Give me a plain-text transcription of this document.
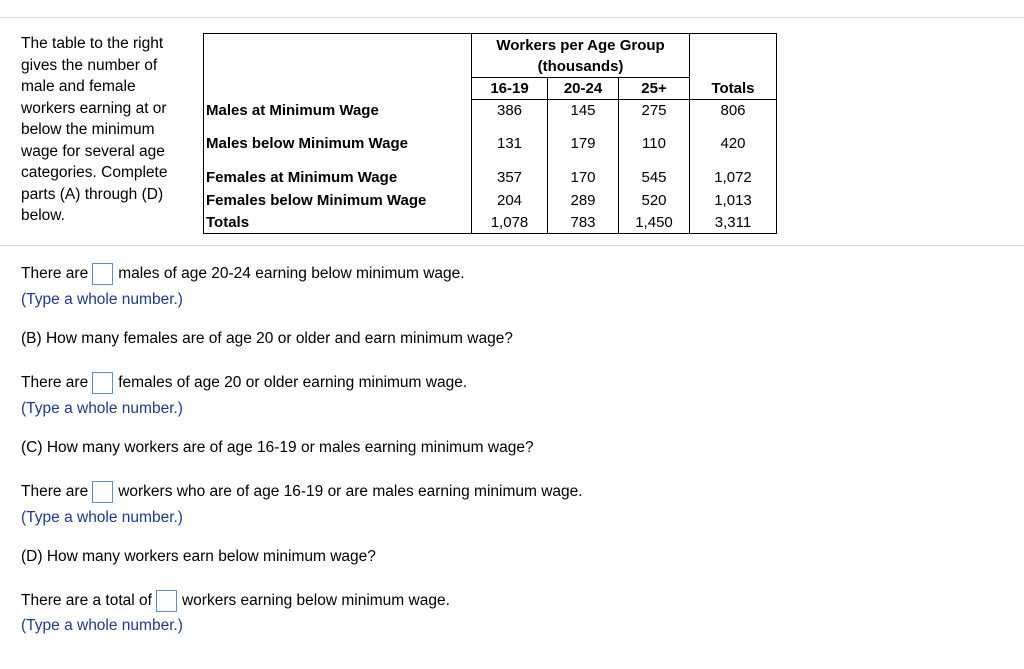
The table to the right
gives the number of
male and female
workers earning at or
below the minimum
wage for several age
categories. Complete
parts (A) through (D)
below.

	Workers per Age Group
(thousands)			

	16-19	20-24	25+	Totals
Males at Minimum Wage	386	145	275	806
Males below Minimum Wage	131	179	110	420
Females at Minimum Wage	357	170	545	1,072
Females below Minimum Wage	204	289	520	1,013
Totals	1,078	783	1,450	3,311
There are males of age 20-24 earning below minimum wage.
(Type a whole number.)
(B) How many females are of age 20 or older and earn minimum wage?
There are females of age 20 or older earning minimum wage.
(Type a whole number.)
(C) How many workers are of age 16-19 or males earning minimum wage?
There are workers who are of age 16-19 or are males earning minimum wage.
(Type a whole number.)
(D) How many workers earn below minimum wage?
There are a total of workers earning below minimum wage.
(Type a whole number.)
